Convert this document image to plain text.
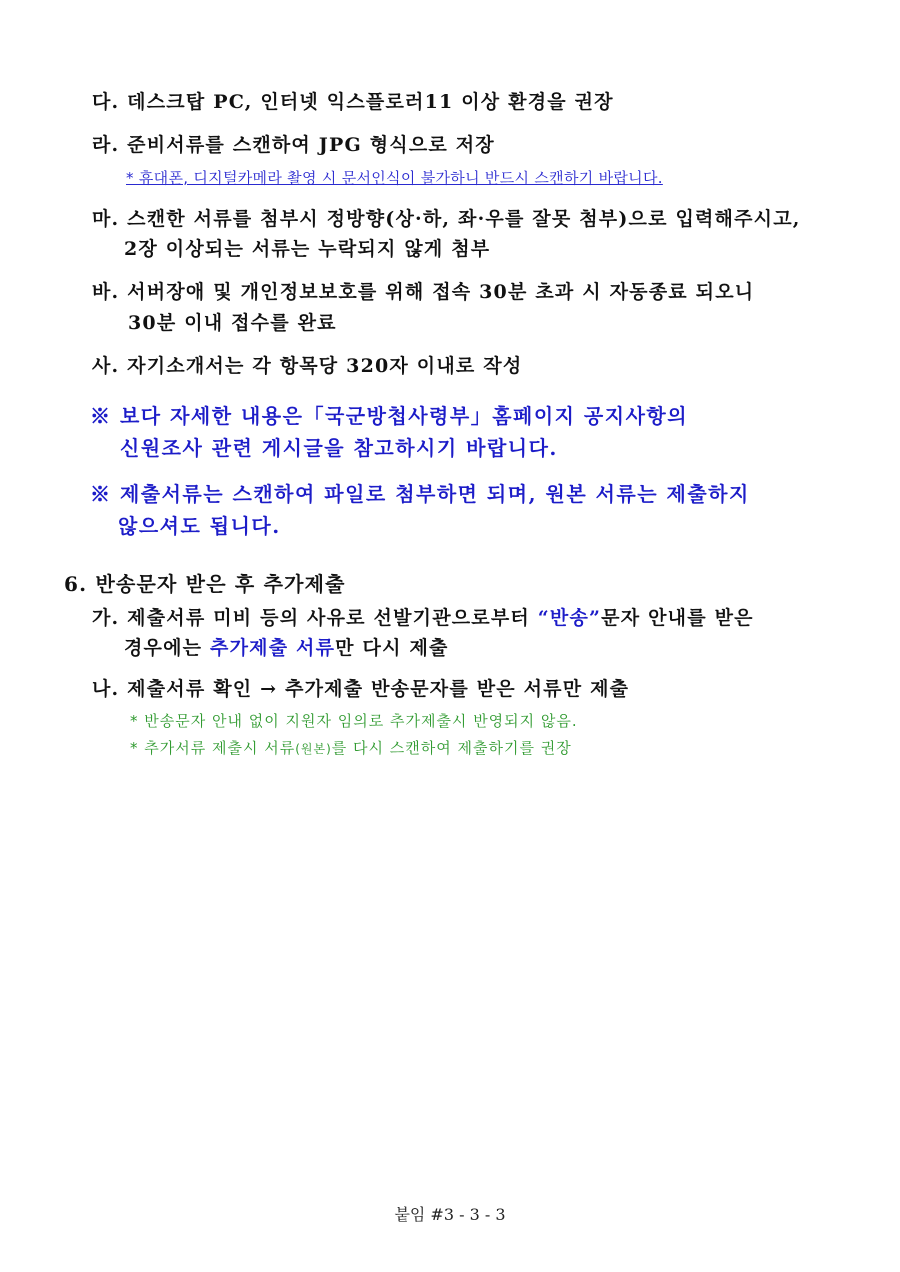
다. 데스크탑 PC, 인터넷 익스플로러11 이상 환경을 권장
라. 준비서류를 스캔하여 JPG 형식으로 저장
* 휴대폰, 디지털카메라 촬영 시 문서인식이 불가하니 반드시 스캔하기 바랍니다.
마. 스캔한 서류를 첨부시 정방향(상·하, 좌·우를 잘못 첨부)으로 입력해주시고,
2장 이상되는 서류는 누락되지 않게 첨부
바. 서버장애 및 개인정보보호를 위해 접속 30분 초과 시 자동종료 되오니
30분 이내 접수를 완료
사. 자기소개서는 각 항목당 320자 이내로 작성
※ 보다 자세한 내용은「국군방첩사령부」홈페이지 공지사항의
신원조사 관련 게시글을 참고하시기 바랍니다.
※ 제출서류는 스캔하여 파일로 첨부하면 되며, 원본 서류는 제출하지
않으셔도 됩니다.
6. 반송문자 받은 후 추가제출
가. 제출서류 미비 등의 사유로 선발기관으로부터 “반송”문자 안내를 받은
경우에는 추가제출 서류만 다시 제출
나. 제출서류 확인 → 추가제출 반송문자를 받은 서류만 제출
* 반송문자 안내 없이 지원자 임의로 추가제출시 반영되지 않음.
* 추가서류 제출시 서류(원본)를 다시 스캔하여 제출하기를 권장
붙임 #3 - 3 - 3
